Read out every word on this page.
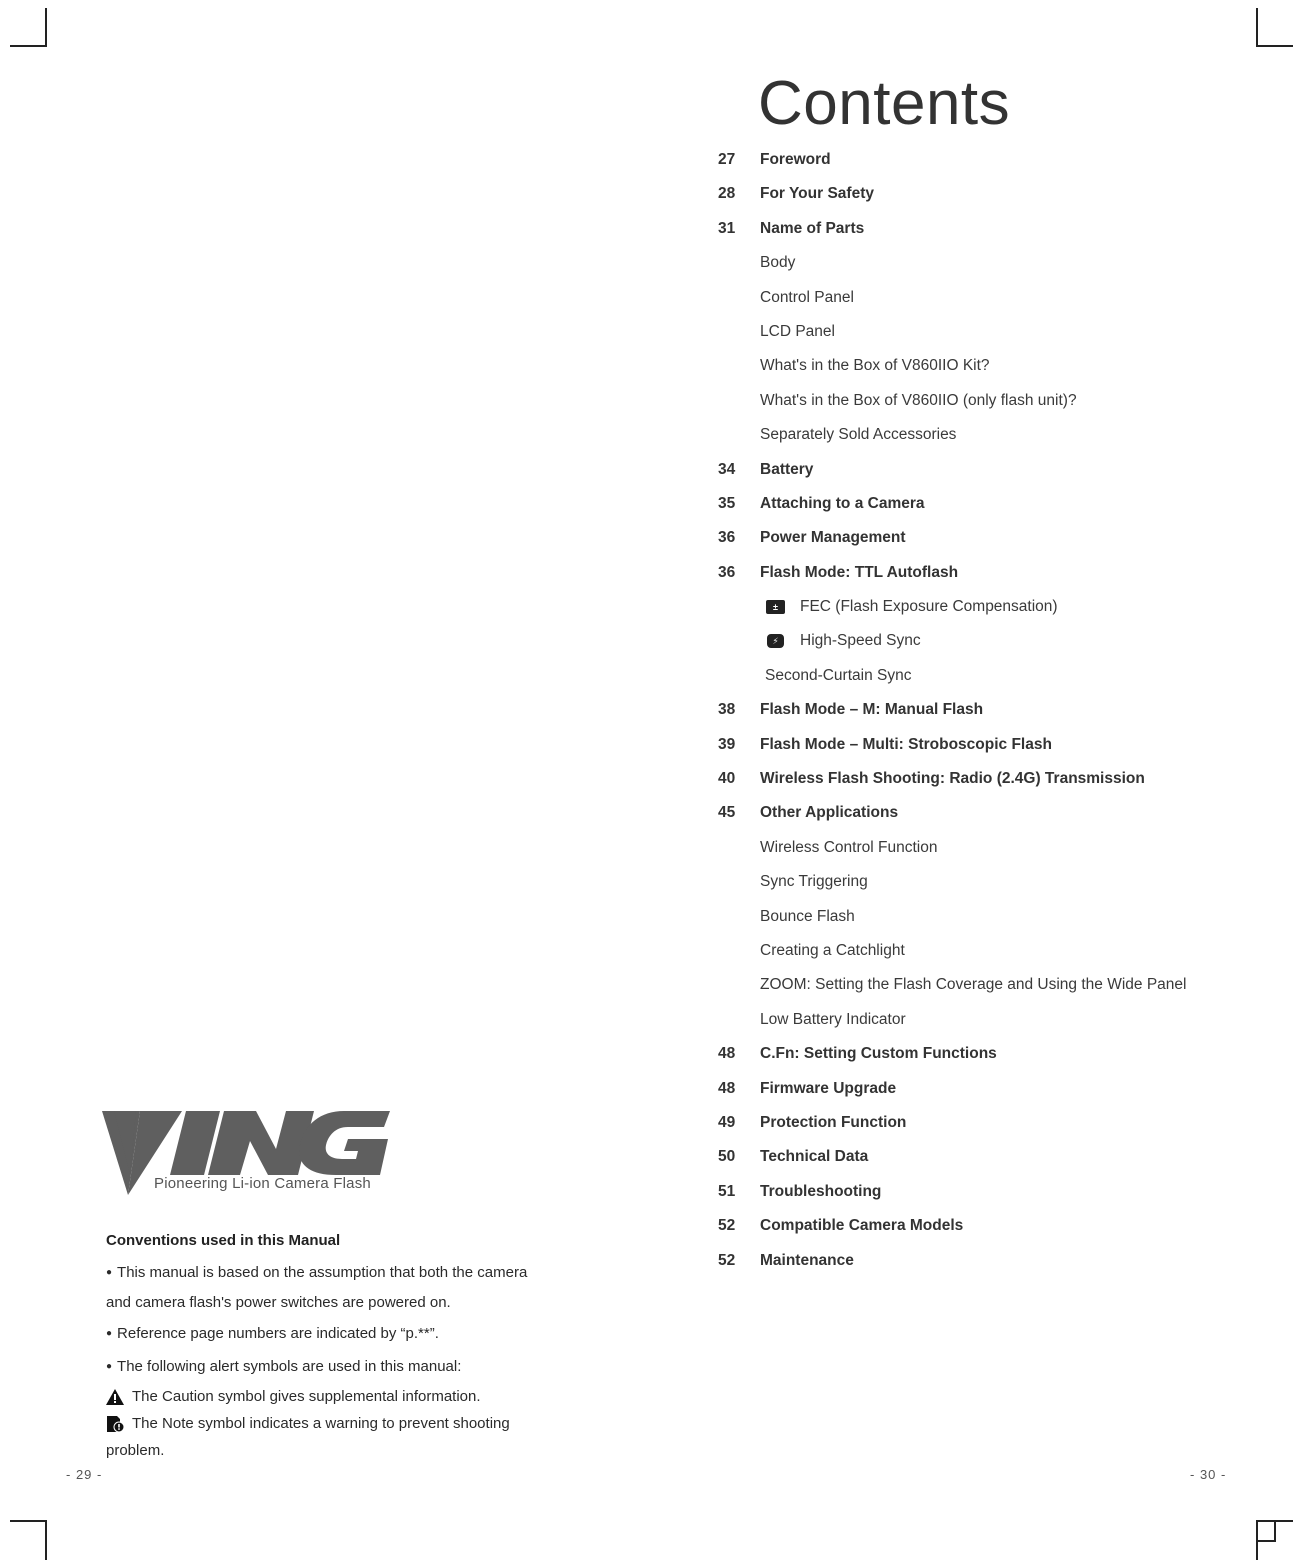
Contents
27	Foreword
28	For Your Safety
31	Name of Parts
Body
Control Panel
LCD Panel
What's in the Box of V860IIO Kit?
What's in the Box of V860IIO (only flash unit)?
Separately Sold Accessories
34	Battery
35	Attaching to a Camera
36	Power Management
36	Flash Mode: TTL Autoflash
±	FEC (Flash Exposure Compensation)
⚡	High-Speed Sync
Second-Curtain Sync
38	Flash Mode – M: Manual Flash
39	Flash Mode – Multi: Stroboscopic Flash
40	Wireless Flash Shooting: Radio (2.4G) Transmission
45	Other Applications
Wireless Control Function
Sync Triggering
Bounce Flash
Creating a Catchlight
ZOOM: Setting the Flash Coverage and Using the Wide Panel
Low Battery Indicator
48	C.Fn: Setting Custom Functions
48	Firmware Upgrade
49	Protection Function
50	Technical Data
51	Troubleshooting
52	Compatible Camera Models
52	Maintenance
Pioneering Li-ion Camera Flash
Conventions used in this Manual
● This manual is based on the assumption that both the camera
and camera flash's power switches are powered on.
● Reference page numbers are indicated by “p.**”.
● The following alert symbols are used in this manual:
The Caution symbol gives supplemental information.
The Note symbol indicates a warning to prevent shooting
problem.
- 29 -	- 30 -
